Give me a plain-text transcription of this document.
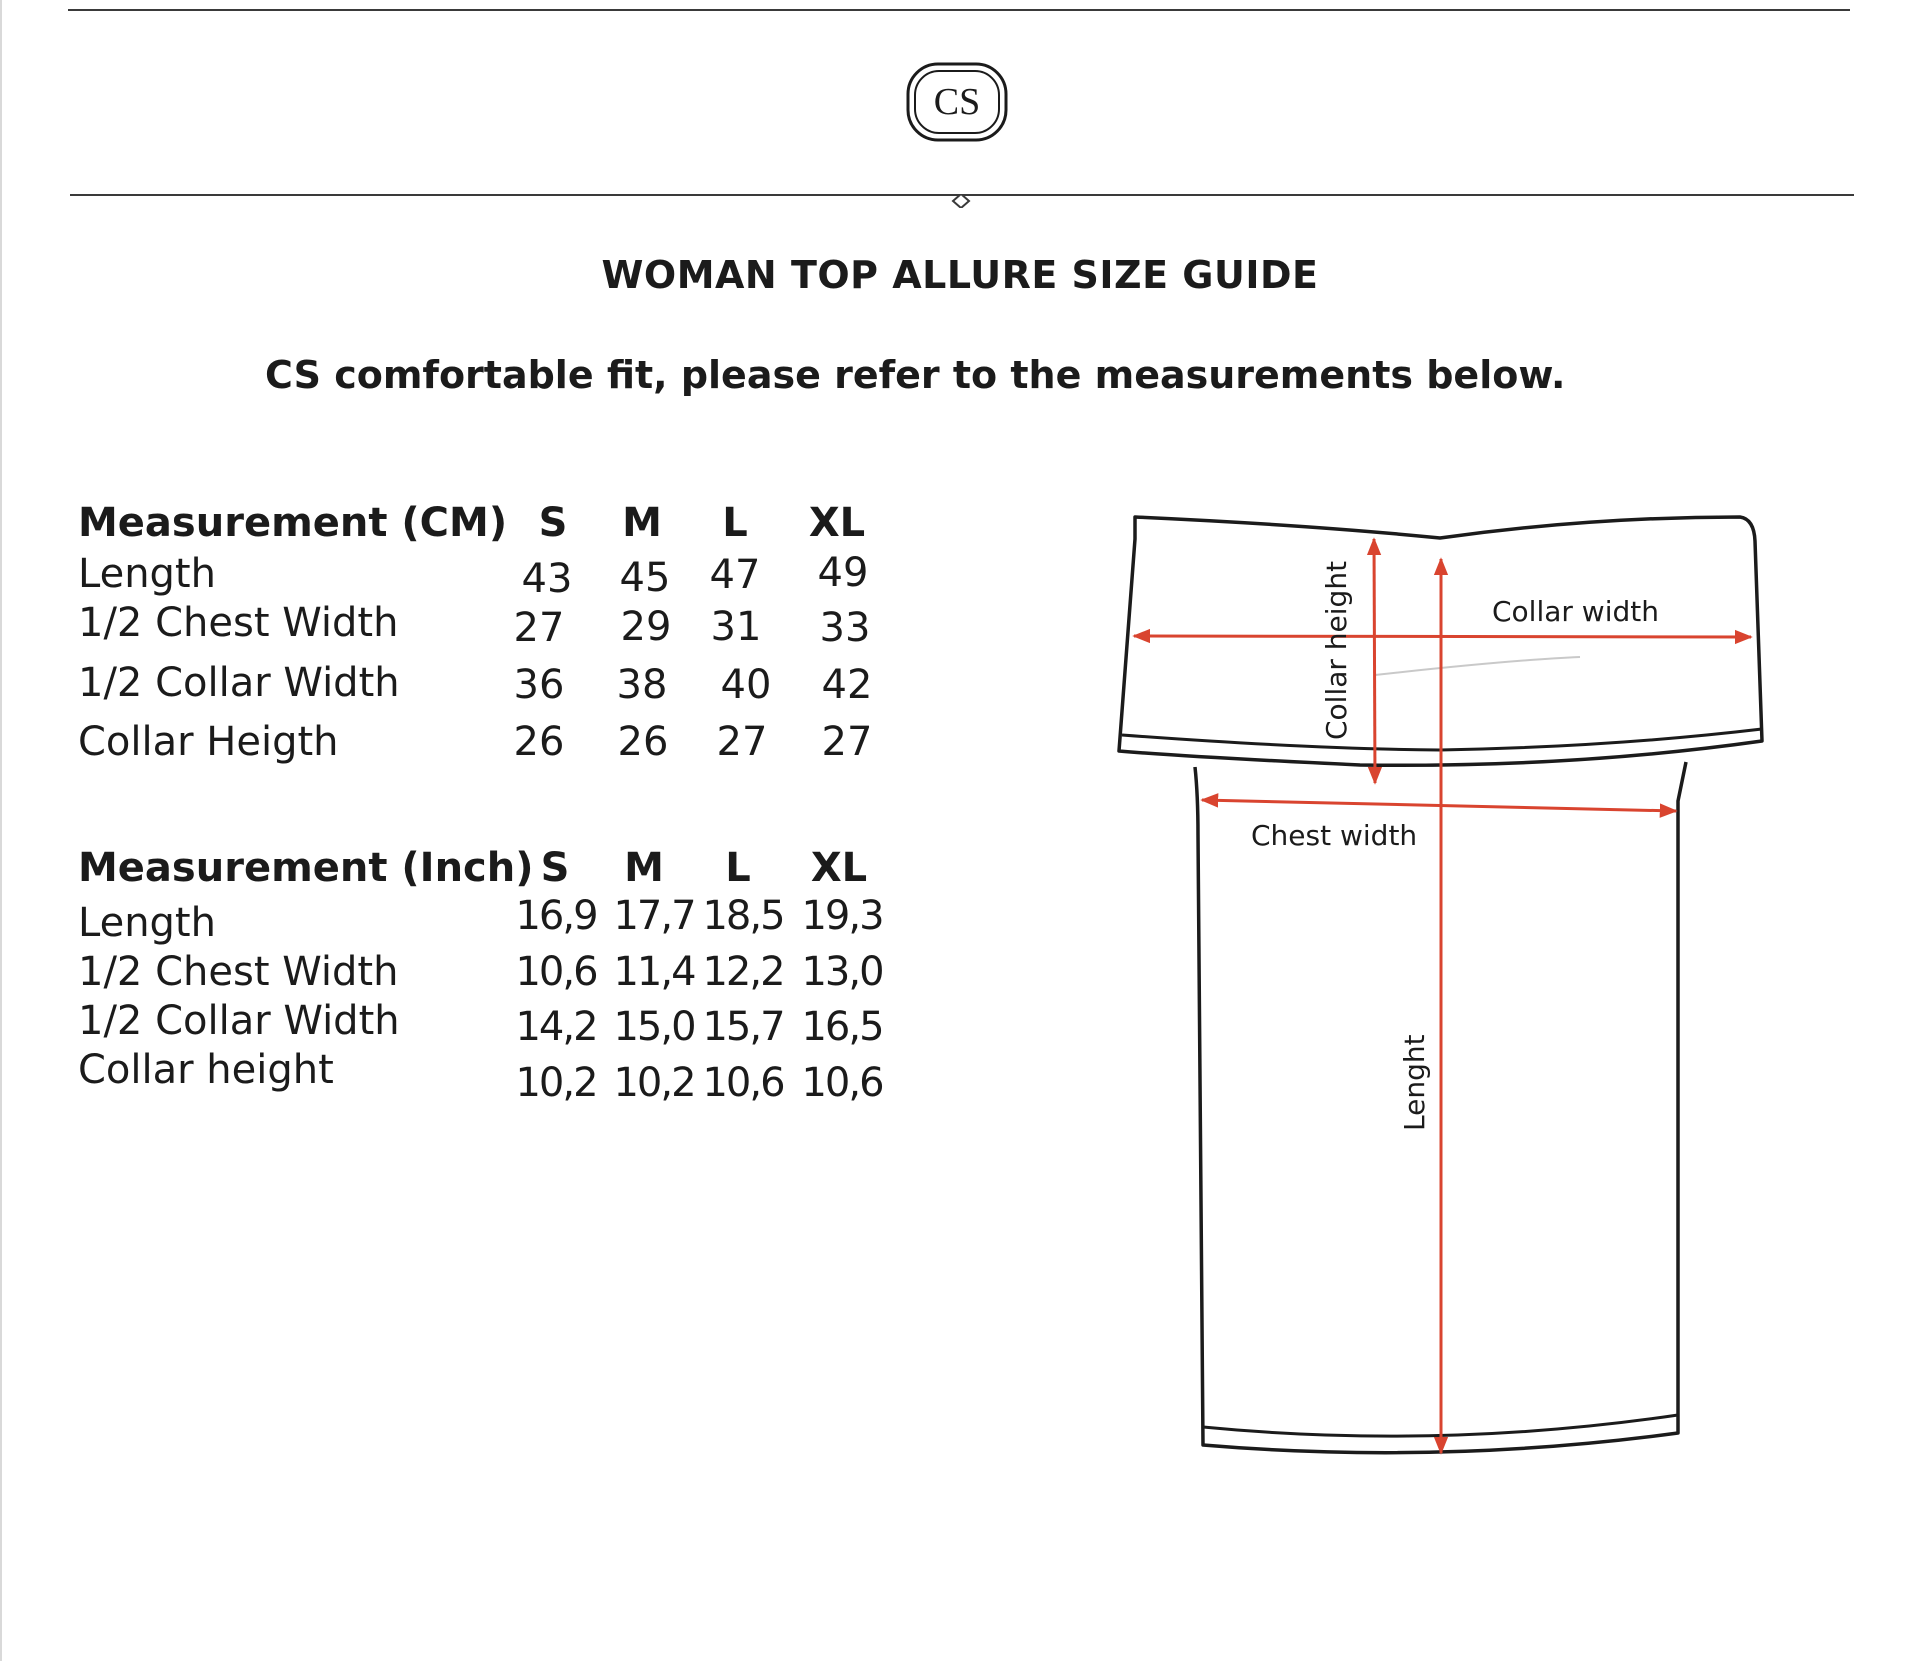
CS
WOMAN TOP ALLURE SIZE GUIDE
CS comfortable fit, please refer to the measurements below.
Measurement (CM) S	M	L	XL
Length	43	45 47	49
1/2 Chest Width	27	29 31	33
1/2 Collar Width	36	38	40	42
Collar Heigth	26	26	27	27
Measurement (Inch) S	M	L	XL
Length	16,9 17,7 18,5 19,3
1/2 Chest Width	10,6 11,4 12,2 13,0
1/2 Collar Width	14,2 15,0 15,7 16,5
Collar height	10,2 10,2 10,6 10,6
Collar width
Collar height
Chest width
Lenght
